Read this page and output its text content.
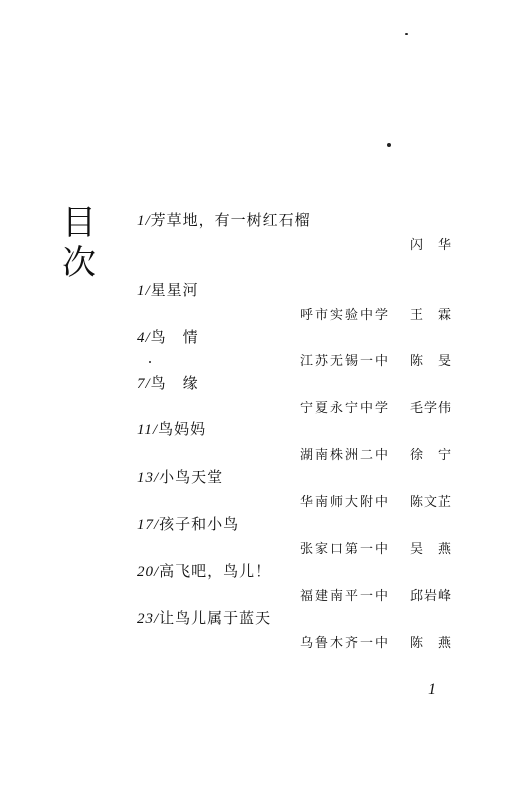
目
次
1/芳草地，有一树红石榴
闪　华
1/星星河
呼市实验中学 王　霖
4/鸟　情
江苏无锡一中 陈　旻
7/鸟　缘
宁夏永宁中学 毛学伟
11/鸟妈妈
湖南株洲二中 徐　宁
13/小鸟天堂
华南师大附中 陈文芷
17/孩子和小鸟
张家口第一中 吴　燕
20/高飞吧，鸟儿！
福建南平一中 邱岩峰
23/让鸟儿属于蓝天
乌鲁木齐一中 陈　燕
1
